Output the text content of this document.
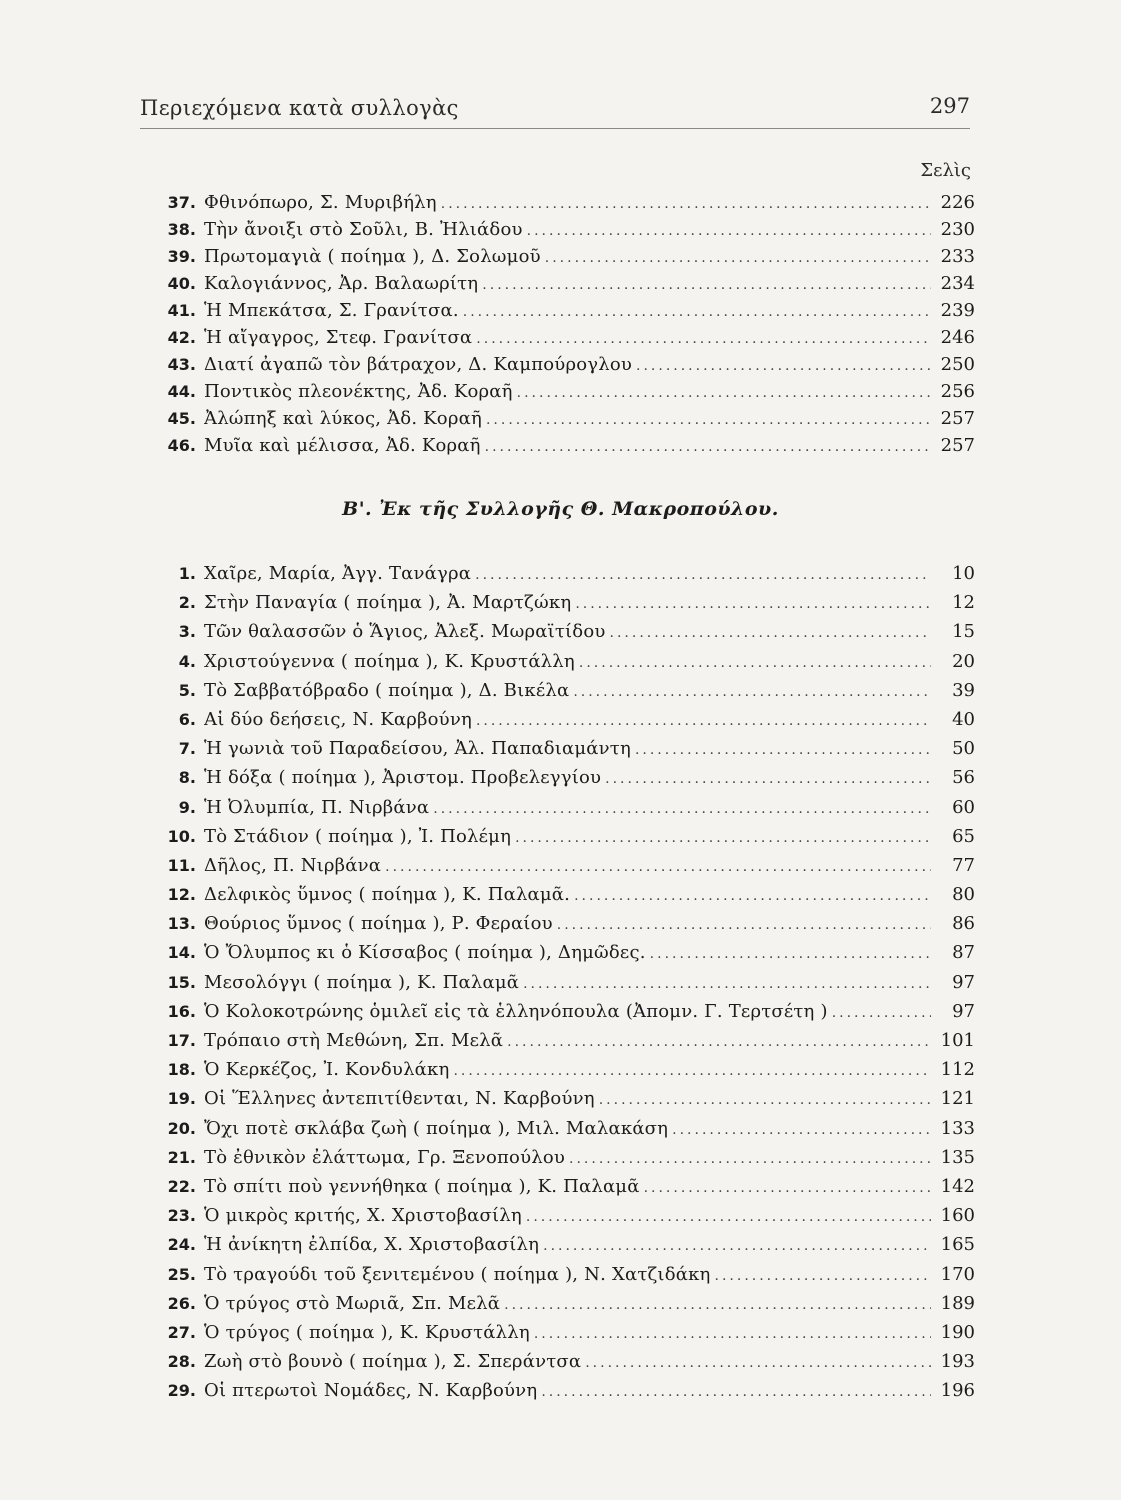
Περιεχόμενα κατὰ συλλογὰς	297
Σελὶς
37. Φθινόπωρο, Σ. Μυριβήλη .....	226
38. Τὴν ἄνοιξι στὸ Σοῦλι, Β. Ἠλιάδου .....	230
39. Πρωτομαγιὰ ( ποίημα ), Δ. Σολωμοῦ .....	233
40. Καλογιάννος, Ἀρ. Βαλαωρίτη .....	234
41. Ἡ Μπεκάτσα, Σ. Γρανίτσα. .....	239
42. Ἡ αἴγαγρος, Στεφ. Γρανίτσα .....	246
43. Διατί ἀγαπῶ τὸν βάτραχον, Δ. Καμπούρογλου .....	250
44. Ποντικὸς πλεονέκτης, Ἀδ. Κοραῆ .....	256
45. Ἀλώπηξ καὶ λύκος, Ἀδ. Κοραῆ .....	257
46. Μυῖα καὶ μέλισσα, Ἀδ. Κοραῆ .....	257
Β'. Ἐκ τῆς Συλλογῆς Θ. Μακροπούλου.
1. Χαῖρε, Μαρία, Ἀγγ. Τανάγρα .....	10
2. Στὴν Παναγία ( ποίημα ), Ἀ. Μαρτζώκη .....	12
3. Τῶν θαλασσῶν ὁ Ἅγιος, Ἀλεξ. Μωραϊτίδου .....	15
4. Χριστούγεννα ( ποίημα ), Κ. Κρυστάλλη .....	20
5. Τὸ Σαββατόβραδο ( ποίημα ), Δ. Βικέλα .....	39
6. Αἱ δύο δεήσεις, Ν. Καρβούνη .....	40
7. Ἡ γωνιὰ τοῦ Παραδείσου, Ἀλ. Παπαδιαμάντη .....	50
8. Ἡ δόξα ( ποίημα ), Ἀριστομ. Προβελεγγίου .....	56
9. Ἡ Ὀλυμπία, Π. Νιρβάνα .....	60
10. Τὸ Στάδιον ( ποίημα ), Ἰ. Πολέμη .....	65
11. Δῆλος, Π. Νιρβάνα .....	77
12. Δελφικὸς ὕμνος ( ποίημα ), Κ. Παλαμᾶ. .....	80
13. Θούριος ὕμνος ( ποίημα ), Ρ. Φεραίου .....	86
14. Ὁ Ὄλυμπος κι ὁ Κίσσαβος ( ποίημα ), Δημῶδες. .....	87
15. Μεσολόγγι ( ποίημα ), Κ. Παλαμᾶ .....	97
16. Ὁ Κολοκοτρώνης ὁμιλεῖ εἰς τὰ ἑλληνόπουλα (Ἀπομν. Γ. Τερτσέτη ) .....	97
17. Τρόπαιο στὴ Μεθώνη, Σπ. Μελᾶ .....	101
18. Ὁ Κερκέζος, Ἰ. Κονδυλάκη .....	112
19. Οἱ Ἕλληνες ἀντεπιτίθενται, Ν. Καρβούνη .....	121
20. Ὄχι ποτὲ σκλάβα ζωὴ ( ποίημα ), Μιλ. Μαλακάση .....	133
21. Τὸ ἐθνικὸν ἐλάττωμα, Γρ. Ξενοπούλου .....	135
22. Τὸ σπίτι ποὺ γεννήθηκα ( ποίημα ), Κ. Παλαμᾶ .....	142
23. Ὁ μικρὸς κριτής, Χ. Χριστοβασίλη .....	160
24. Ἡ ἀνίκητη ἐλπίδα, Χ. Χριστοβασίλη .....	165
25. Τὸ τραγούδι τοῦ ξενιτεμένου ( ποίημα ), Ν. Χατζιδάκη .....	170
26. Ὁ τρύγος στὸ Μωριᾶ, Σπ. Μελᾶ .....	189
27. Ὁ τρύγος ( ποίημα ), Κ. Κρυστάλλη .....	190
28. Ζωὴ στὸ βουνὸ ( ποίημα ), Σ. Σπεράντσα .....	193
29. Οἱ πτερωτοὶ Νομάδες, Ν. Καρβούνη .....	196
